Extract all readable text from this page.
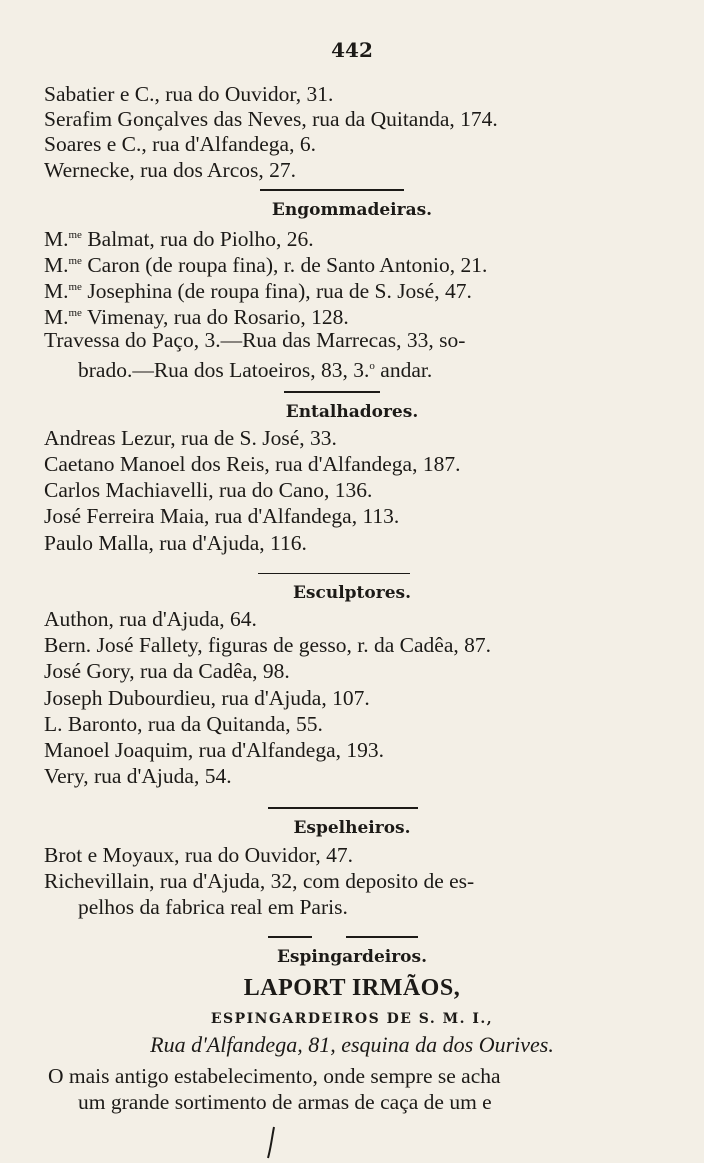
442
Sabatier e C., rua do Ouvidor, 31.
Serafim Gonçalves das Neves, rua da Quitanda, 174.
Soares e C., rua d'Alfandega, 6.
Wernecke, rua dos Arcos, 27.
Engommadeiras.
M.$^{me}$ Balmat, rua do Piolho, 26.
M.$^{me}$ Caron (de roupa fina), r. de Santo Antonio, 21.
M.$^{me}$ Josephina (de roupa fina), rua de S. José, 47.
M.$^{me}$ Vimenay, rua do Rosario, 128.
Travessa do Paço, 3.—Rua das Marrecas, 33, so-
brado.—Rua dos Latoeiros, 83, 3.$^o$ andar.
Entalhadores.
Andreas Lezur, rua de S. José, 33.
Caetano Manoel dos Reis, rua d'Alfandega, 187.
Carlos Machiavelli, rua do Cano, 136.
José Ferreira Maia, rua d'Alfandega, 113.
Paulo Malla, rua d'Ajuda, 116.
Esculptores.
Authon, rua d'Ajuda, 64.
Bern. José Fallety, figuras de gesso, r. da Cadêa, 87.
José Gory, rua da Cadêa, 98.
Joseph Dubourdieu, rua d'Ajuda, 107.
L. Baronto, rua da Quitanda, 55.
Manoel Joaquim, rua d'Alfandega, 193.
Very, rua d'Ajuda, 54.
Espelheiros.
Brot e Moyaux, rua do Ouvidor, 47.
Richevillain, rua d'Ajuda, 32, com deposito de es-
pelhos da fabrica real em Paris.
Espingardeiros.
LAPORT IRMÃOS,
ESPINGARDEIROS DE S. M. I.,
Rua d'Alfandega, 81, esquina da dos Ourives.
O mais antigo estabelecimento, onde sempre se acha
um grande sortimento de armas de caça de um e
